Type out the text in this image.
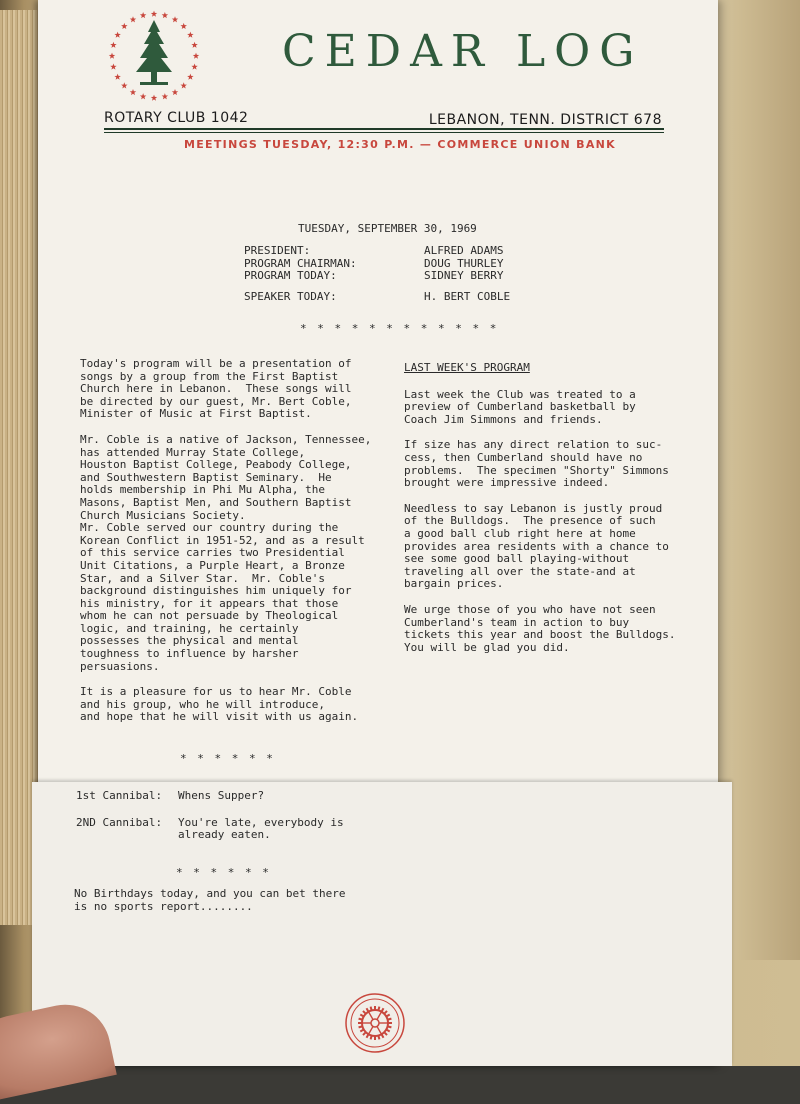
CEDAR LOG
ROTARY CLUB 1042	LEBANON, TENN. DISTRICT 678
MEETINGS TUESDAY, 12:30 P.M. — COMMERCE UNION BANK
TUESDAY, SEPTEMBER 30, 1969
PRESIDENT:	ALFRED ADAMS
PROGRAM CHAIRMAN:	DOUG THURLEY
PROGRAM TODAY:	SIDNEY BERRY
SPEAKER TODAY:	H. BERT COBLE
* * * * * * * * * * * *

Today's program will be a presentation of
songs by a group from the First Baptist
Church here in Lebanon.  These songs will
be directed by our guest, Mr. Bert Coble,
Minister of Music at First Baptist.

Mr. Coble is a native of Jackson, Tennessee,
has attended Murray State College,
Houston Baptist College, Peabody College,
and Southwestern Baptist Seminary.  He
holds membership in Phi Mu Alpha, the
Masons, Baptist Men, and Southern Baptist
Church Musicians Society.
Mr. Coble served our country during the
Korean Conflict in 1951-52, and as a result
of this service carries two Presidential
Unit Citations, a Purple Heart, a Bronze
Star, and a Silver Star.  Mr. Coble's
background distinguishes him uniquely for
his ministry, for it appears that those
whom he can not persuade by Theological
logic, and training, he certainly
possesses the physical and mental
toughness to influence by harsher
persuasions.

It is a pleasure for us to hear Mr. Coble
and his group, who he will introduce,
and hope that he will visit with us again.

* * * * * *

LAST WEEK'S PROGRAM

Last week the Club was treated to a
preview of Cumberland basketball by
Coach Jim Simmons and friends.

If size has any direct relation to suc-
cess, then Cumberland should have no
problems.  The specimen "Shorty" Simmons
brought were impressive indeed.

Needless to say Lebanon is justly proud
of the Bulldogs.  The presence of such
a good ball club right here at home
provides area residents with a chance to
see some good ball playing-without
traveling all over the state-and at
bargain prices.

We urge those of you who have not seen
Cumberland's team in action to buy
tickets this year and boost the Bulldogs.
You will be glad you did.

1st Cannibal:	Whens Supper?
2ND Cannibal:	You're late, everybody is
already eaten.
* * * * * *
No Birthdays today, and you can bet there
is no sports report........
